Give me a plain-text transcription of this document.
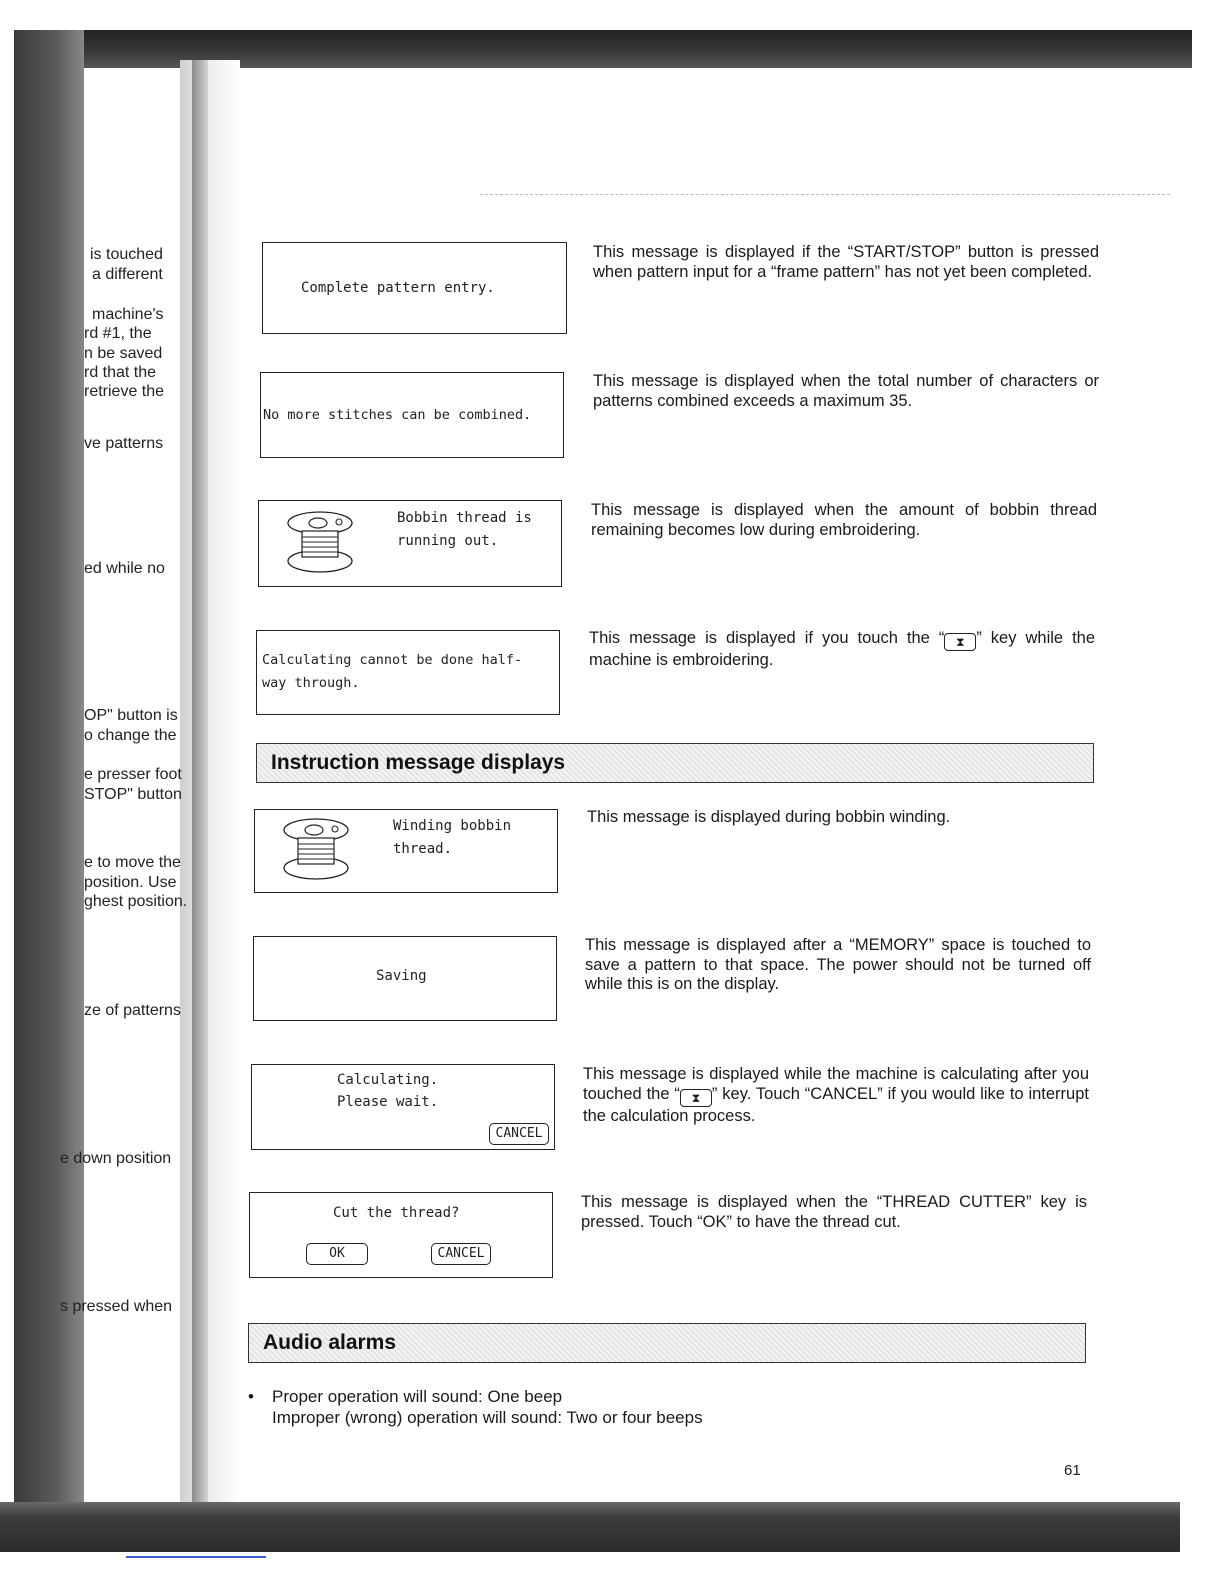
is touched
a different
machine's
rd #1, the
n be saved
rd that the
retrieve the
ve patterns
ed while no
OP" button is
o change the
e presser foot
STOP" button
e to move the
position. Use
ghest position.
ze of patterns
e down position
s pressed when
Complete pattern entry.
This message is displayed if the “START/STOP” button is pressed when pattern input for a “frame pattern” has not yet been completed.
No more stitches can be combined.
This message is displayed when the total number of characters or patterns combined exceeds a maximum 35.
Bobbin thread is
running out.
This message is displayed when the amount of bobbin thread remaining becomes low during embroidering.
Calculating cannot be done half-
way through.
This message is displayed if you touch the “ ⧗ ” key while the machine is embroidering.
Instruction message displays
Winding bobbin
thread.
This message is displayed during bobbin winding.
Saving
This message is displayed after a “MEMORY” space is touched to save a pattern to that space. The power should not be turned off while this is on the display.
Calculating.
Please wait.
CANCEL
This message is displayed while the machine is calculating after you touched the “ ⧗ ” key. Touch “CANCEL” if you would like to interrupt the calculation process.
Cut the thread?
OK	CANCEL
This message is displayed when the “THREAD CUTTER” key is pressed. Touch “OK” to have the thread cut.
Audio alarms
• Proper operation will sound: One beep
Improper (wrong) operation will sound: Two or four beeps
61
